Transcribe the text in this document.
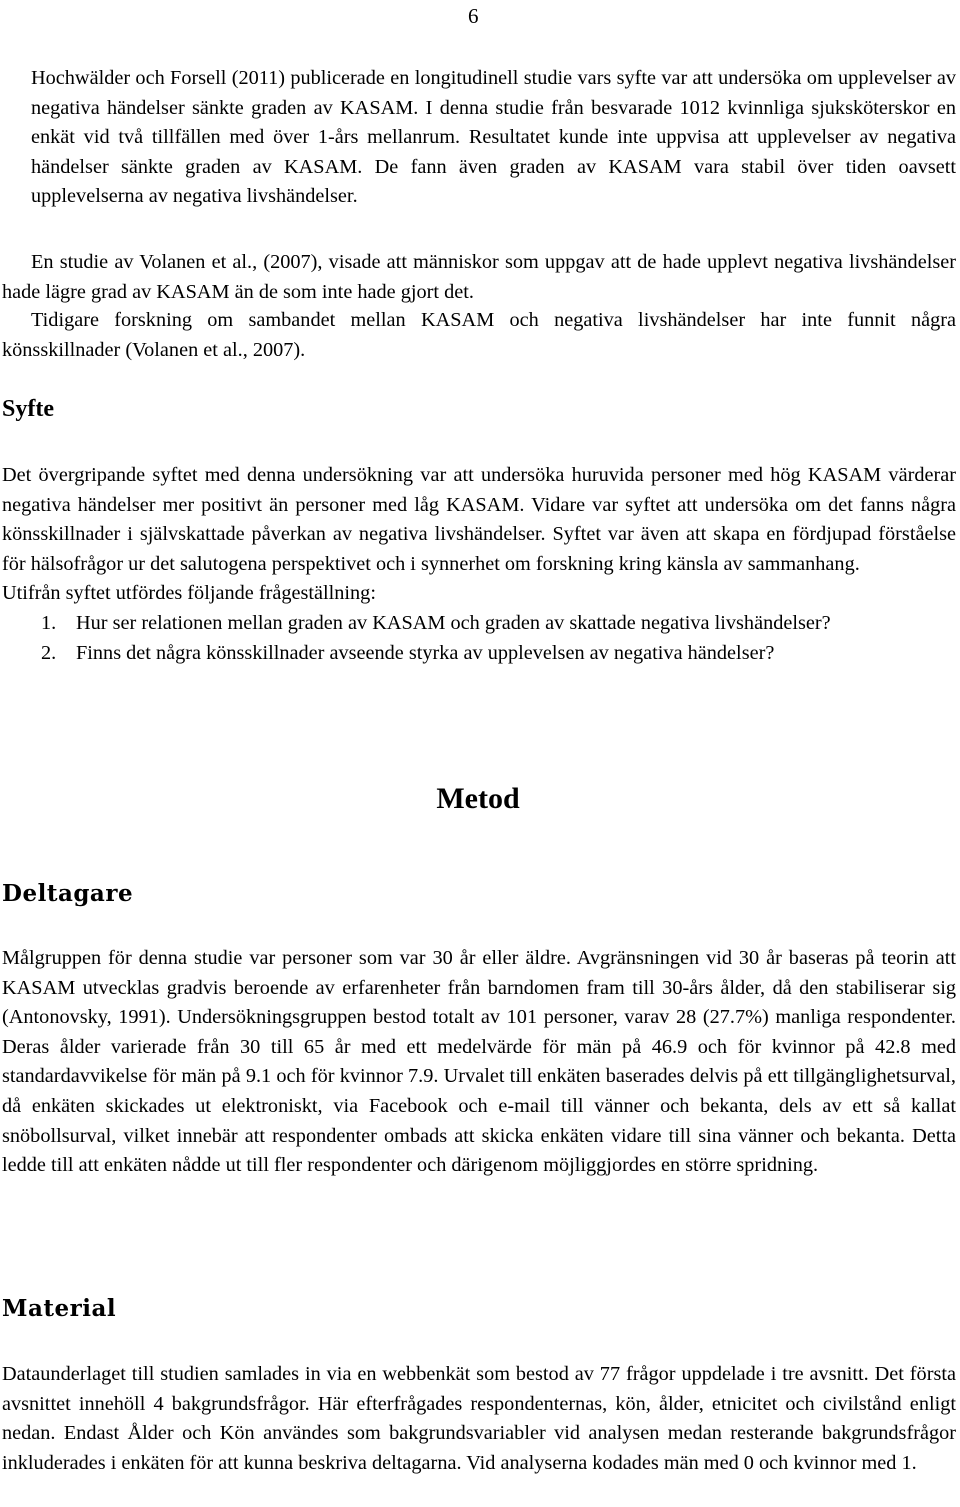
6

Hochwälder och Forsell (2011) publicerade en longitudinell studie vars syfte var att undersöka om upplevelser av negativa händelser sänkte graden av KASAM. I denna studie från besvarade 1012 kvinnliga sjuksköterskor en enkät vid två tillfällen med över 1-års mellanrum. Resultatet kunde inte uppvisa att upplevelser av negativa händelser sänkte graden av KASAM. De fann även graden av KASAM vara stabil över tiden oavsett upplevelserna av negativa livshändelser.

En studie av Volanen et al., (2007), visade att människor som uppgav att de hade upplevt negativa livshändelser hade lägre grad av KASAM än de som inte hade gjort det.

Tidigare forskning om sambandet mellan KASAM och negativa livshändelser har inte funnit några könsskillnader (Volanen et al., 2007).

Syfte

Det övergripande syftet med denna undersökning var att undersöka huruvida personer med hög KASAM värderar negativa händelser mer positivt än personer med låg KASAM. Vidare var syftet att undersöka om det fanns några könsskillnader i självskattade påverkan av negativa livshändelser. Syftet var även att skapa en fördjupad förståelse för hälsofrågor ur det salutogena perspektivet och i synnerhet om forskning kring känsla av sammanhang.

Utifrån syftet utfördes följande frågeställning:

1. Hur ser relationen mellan graden av KASAM och graden av skattade negativa livshändelser?
2. Finns det några könsskillnader avseende styrka av upplevelsen av negativa händelser?
Metod
Deltagare

Målgruppen för denna studie var personer som var 30 år eller äldre. Avgränsningen vid 30 år baseras på teorin att KASAM utvecklas gradvis beroende av erfarenheter från barndomen fram till 30-års ålder, då den stabiliserar sig (Antonovsky, 1991). Undersökningsgruppen bestod totalt av 101 personer, varav 28 (27.7%) manliga respondenter. Deras ålder varierade från 30 till 65 år med ett medelvärde för män på 46.9 och för kvinnor på 42.8 med standardavvikelse för män på 9.1 och för kvinnor 7.9. Urvalet till enkäten baserades delvis på ett tillgänglighetsurval, då enkäten skickades ut elektroniskt, via Facebook och e-mail till vänner och bekanta, dels av ett så kallat snöbollsurval, vilket innebär att respondenter ombads att skicka enkäten vidare till sina vänner och bekanta. Detta ledde till att enkäten nådde ut till fler respondenter och därigenom möjliggjordes en större spridning.

Material

Dataunderlaget till studien samlades in via en webbenkät som bestod av 77 frågor uppdelade i tre avsnitt. Det första avsnittet innehöll 4 bakgrundsfrågor. Här efterfrågades respondenternas, kön, ålder, etnicitet och civilstånd enligt nedan. Endast Ålder och Kön användes som bakgrundsvariabler vid analysen medan resterande bakgrundsfrågor inkluderades i enkäten för att kunna beskriva deltagarna. Vid analyserna kodades män med 0 och kvinnor med 1.
